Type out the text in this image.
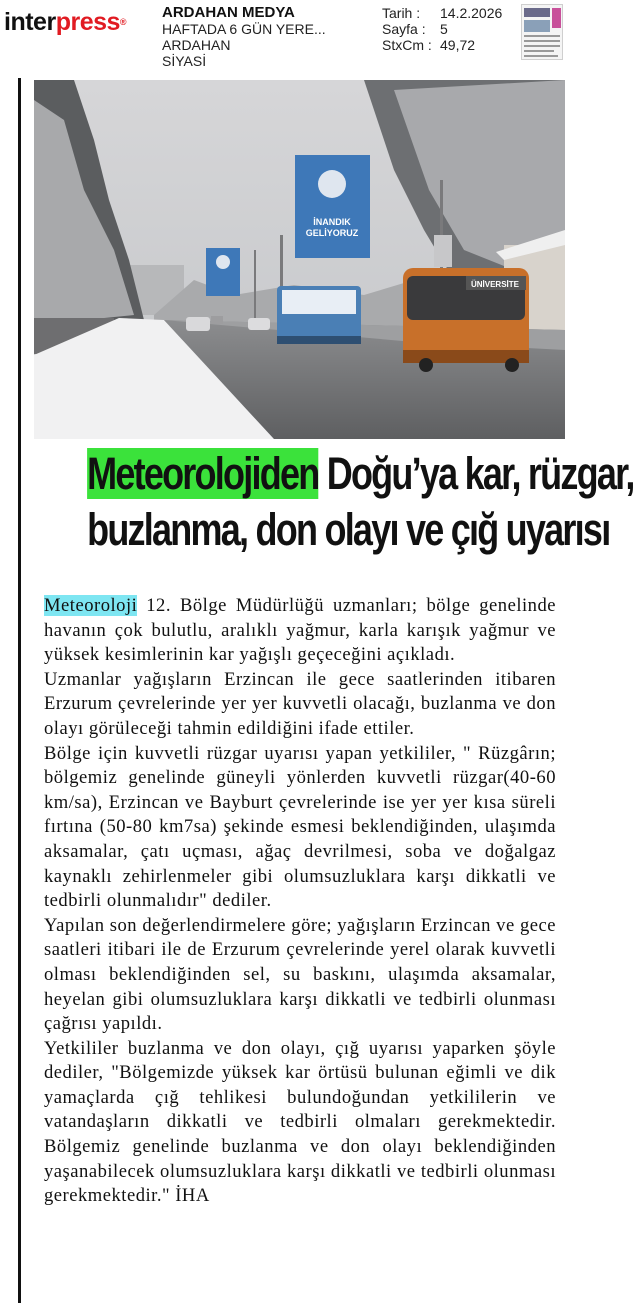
interpress®
ARDAHAN MEDYA
HAFTADA 6 GÜN YERE...
ARDAHAN
SİYASİ
Tarih :	14.2.2026
Sayfa :	5
StxCm : 49,72
İNANDIK
GELİYORUZ
ÜNİVERSİTE
Meteorolojiden Doğu’ya kar, rüzgar,
buzlanma, don olayı ve çığ uyarısı

Meteoroloji 12. Bölge Müdürlüğü uzmanları; bölge genelinde havanın çok bulutlu, aralıklı yağmur, karla karışık yağmur ve yüksek kesimlerinin kar yağışlı geçeceğini açıkladı.

Uzmanlar yağışların Erzincan ile gece saatlerinden itibaren Erzurum çevrelerinde yer yer kuvvetli olacağı, buzlanma ve don olayı görüleceği tahmin edildiğini ifade ettiler.

Bölge için kuvvetli rüzgar uyarısı yapan yetkililer, " Rüzgârın; bölgemiz genelinde güneyli yönlerden kuvvetli rüzgar(40-60 km/sa), Erzincan ve Bayburt çevrelerinde ise yer yer kısa süreli fırtına (50-80 km7sa) şekinde esmesi beklendiğinden, ulaşımda aksamalar, çatı uçması, ağaç devrilmesi, soba ve doğalgaz kaynaklı zehirlenmeler gibi olumsuzluklara karşı dikkatli ve tedbirli olunmalıdır" dediler.

Yapılan son değerlendirmelere göre; yağışların Erzincan ve gece saatleri itibari ile de Erzurum çevrelerinde yerel olarak kuvvetli olması beklendiğinden sel, su baskını, ulaşımda aksamalar, heyelan gibi olumsuzluklara karşı dikkatli ve tedbirli olunması çağrısı yapıldı.

Yetkililer buzlanma ve don olayı, çığ uyarısı yaparken şöyle dediler, "Bölgemizde yüksek kar örtüsü bulunan eğimli ve dik yamaçlarda çığ tehlikesi bulundoğundan yetkililerin ve vatandaşların dikkatli ve tedbirli olmaları gerekmektedir. Bölgemiz genelinde buzlanma ve don olayı beklendiğinden yaşanabilecek olumsuzluklara karşı dikkatli ve tedbirli olunması gerekmektedir." İHA
